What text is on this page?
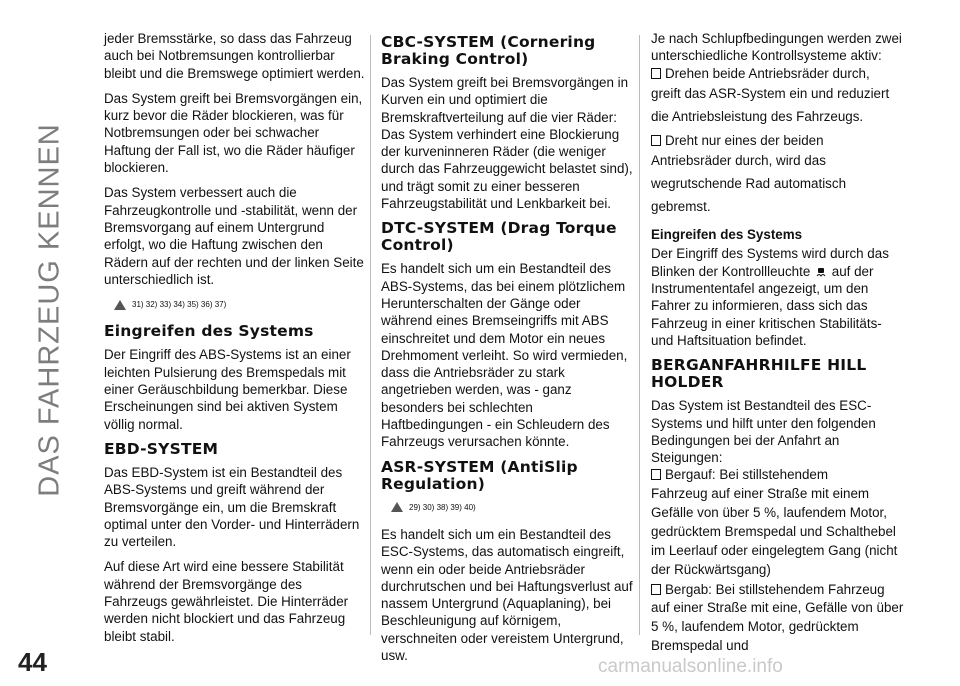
DAS FAHRZEUG KENNEN

jeder Bremsstärke, so dass das Fahrzeug auch bei Notbremsungen kontrollierbar bleibt und die Bremswege optimiert werden.

Das System greift bei Bremsvorgängen ein, kurz bevor die Räder blockieren, was für Notbremsungen oder bei schwacher Haftung der Fall ist, wo die Räder häufiger blockieren.

Das System verbessert auch die Fahrzeugkontrolle und -stabilität, wenn der Bremsvorgang auf einem Untergrund erfolgt, wo die Haftung zwischen den Rädern auf der rechten und der linken Seite unterschiedlich ist.

31) 32) 33) 34) 35) 36) 37)
Eingreifen des Systems

Der Eingriff des ABS-Systems ist an einer leichten Pulsierung des Bremspedals mit einer Geräuschbildung bemerkbar. Diese Erscheinungen sind bei aktiven System völlig normal.

EBD-SYSTEM

Das EBD-System ist ein Bestandteil des ABS-Systems und greift während der Bremsvorgänge ein, um die Bremskraft optimal unter den Vorder- und Hinterrädern zu verteilen.

Auf diese Art wird eine bessere Stabilität während der Bremsvorgänge des Fahrzeugs gewährleistet. Die Hinterräder werden nicht blockiert und das Fahrzeug bleibt stabil.

CBC-SYSTEM (Cornering Braking Control)

Das System greift bei Bremsvorgängen in Kurven ein und optimiert die Bremskraftverteilung auf die vier Räder: Das System verhindert eine Blockierung der kurveninneren Räder (die weniger durch das Fahrzeuggewicht belastet sind), und trägt somit zu einer besseren Fahrzeugstabilität und Lenkbarkeit bei.

DTC-SYSTEM (Drag Torque Control)

Es handelt sich um ein Bestandteil des ABS-Systems, das bei einem plötzlichem Herunterschalten der Gänge oder während eines Bremseingriffs mit ABS einschreitet und dem Motor ein neues Drehmoment verleiht. So wird vermieden, dass die Antriebsräder zu stark angetrieben werden, was - ganz besonders bei schlechten Haftbedingungen - ein Schleudern des Fahrzeugs verursachen könnte.

ASR-SYSTEM (AntiSlip Regulation)
29) 30) 38) 39) 40)

Es handelt sich um ein Bestandteil des ESC-Systems, das automatisch eingreift, wenn ein oder beide Antriebsräder durchrutschen und bei Haftungsverlust auf nassem Untergrund (Aquaplaning), bei Beschleunigung auf körnigem, verschneiten oder vereistem Untergrund, usw.

Je nach Schlupfbedingungen werden zwei unterschiedliche Kontrollsysteme aktiv:

Drehen beide Antriebsräder durch,

greift das ASR-System ein und reduziert die Antriebsleistung des Fahrzeugs.

Dreht nur eines der beiden

Antriebsräder durch, wird das wegrutschende Rad automatisch gebremst.

Eingreifen des Systems

Der Eingriff des Systems wird durch das Blinken der Kontrollleuchte auf der Instrumententafel angezeigt, um den Fahrer zu informieren, dass sich das Fahrzeug in einer kritischen Stabilitäts- und Haftsituation befindet.

BERGANFAHRHILFE HILL HOLDER

Das System ist Bestandteil des ESC-Systems und hilft unter den folgenden Bedingungen bei der Anfahrt an Steigungen:

Bergauf: Bei stillstehendem

Fahrzeug auf einer Straße mit einem Gefälle von über 5 %, laufendem Motor, gedrücktem Bremspedal und Schalthebel im Leerlauf oder eingelegtem Gang (nicht der Rückwärtsgang)

Bergab: Bei stillstehendem Fahrzeug

auf einer Straße mit eine, Gefälle von über 5 %, laufendem Motor, gedrücktem Bremspedal und

44	carmanualsonline.info
